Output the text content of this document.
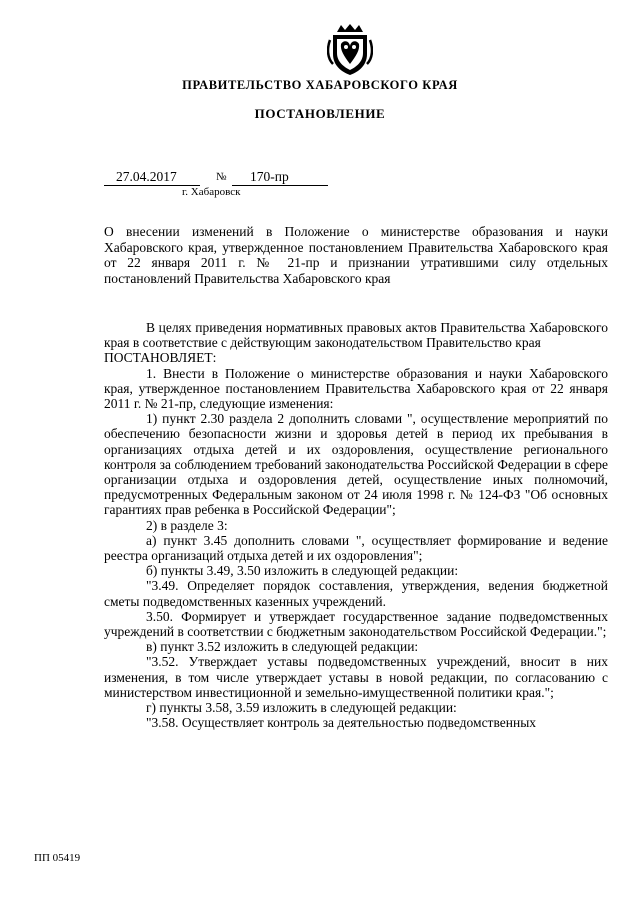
ПРАВИТЕЛЬСТВО ХАБАРОВСКОГО КРАЯ
ПОСТАНОВЛЕНИЕ
27.04.2017	№	170-пр
г. Хабаровск
О внесении изменений в Положение о министерстве образования и науки Хабаровского края, утвержденное постановлением Правительства Хабаровского края от 22 января 2011 г. № 21-пр и признании утратившими силу отдельных постановлений Правительства Хабаровского края

В целях приведения нормативных правовых актов Правительства Хабаровского края в соответствие с действующим законодательством Правительство края

ПОСТАНОВЛЯЕТ:

1. Внести в Положение о министерстве образования и науки Хабаровского края, утвержденное постановлением Правительства Хабаровского края от 22 января 2011 г. № 21-пр, следующие изменения:

1) пункт 2.30 раздела 2 дополнить словами ", осуществление мероприятий по обеспечению безопасности жизни и здоровья детей в период их пребывания в организациях отдыха детей и их оздоровления, осуществление регионального контроля за соблюдением требований законодательства Российской Федерации в сфере организации отдыха и оздоровления детей, осуществление иных полномочий, предусмотренных Федеральным законом от 24 июля 1998 г. № 124-ФЗ "Об основных гарантиях прав ребенка в Российской Федерации";

2) в разделе 3:

а) пункт 3.45 дополнить словами ", осуществляет формирование и ведение реестра организаций отдыха детей и их оздоровления";

б) пункты 3.49, 3.50 изложить в следующей редакции:

"3.49. Определяет порядок составления, утверждения, ведения бюджетной сметы подведомственных казенных учреждений.

3.50. Формирует и утверждает государственное задание подведомственных учреждений в соответствии с бюджетным законодательством Российской Федерации.";

в) пункт 3.52 изложить в следующей редакции:

"3.52. Утверждает уставы подведомственных учреждений, вносит в них изменения, в том числе утверждает уставы в новой редакции, по согласованию с министерством инвестиционной и земельно-имущественной политики края.";

г) пункты 3.58, 3.59 изложить в следующей редакции:

"3.58. Осуществляет контроль за деятельностью подведомственных

ПП 05419
